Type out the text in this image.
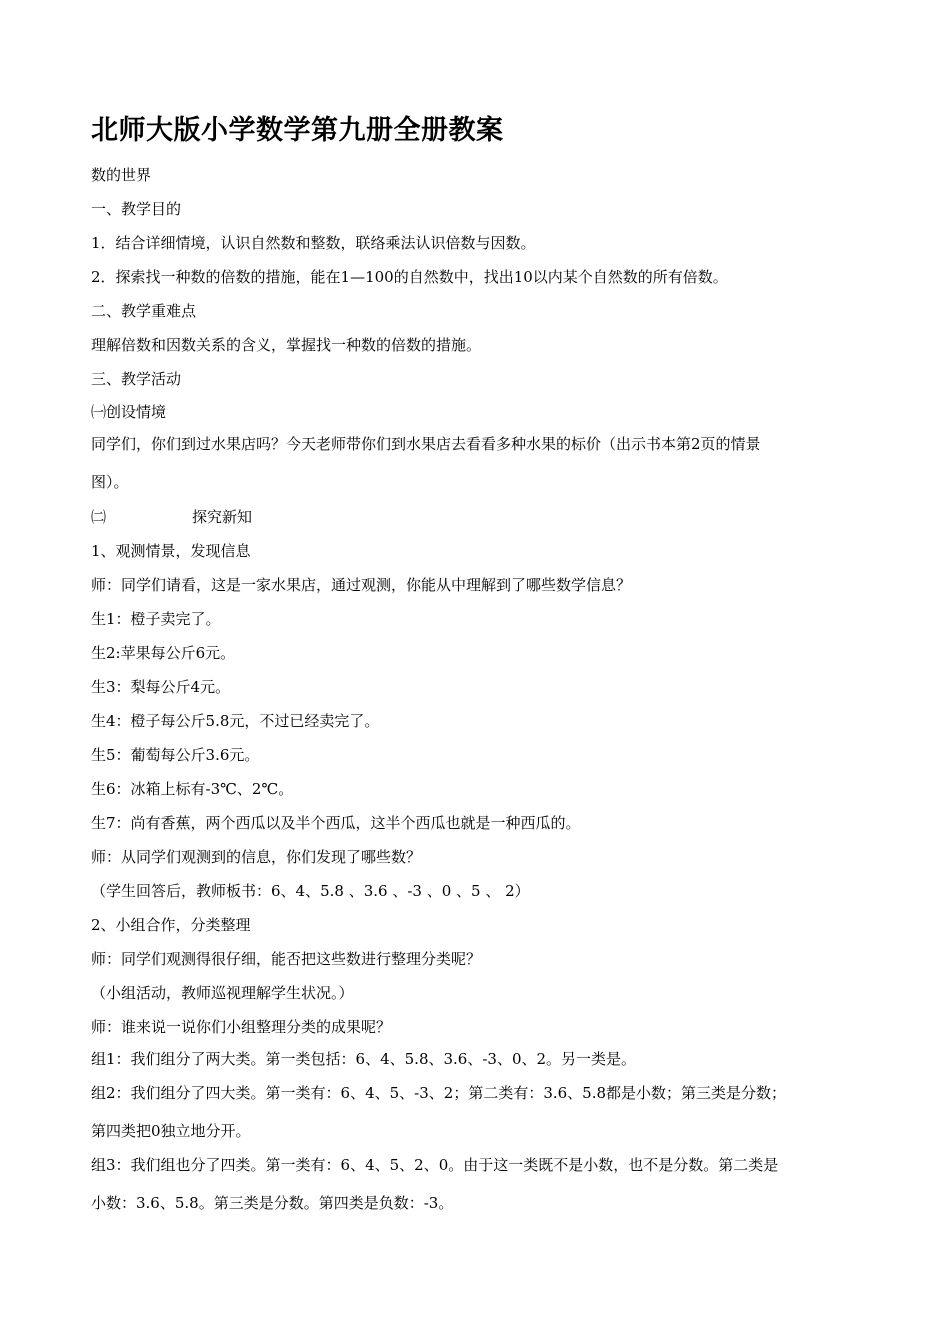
北师大版小学数学第九册全册教案
数的世界
一、教学目的
1．结合详细情境，认识自然数和整数，联络乘法认识倍数与因数。
2．探索找一种数的倍数的措施，能在1—100的自然数中，找出10以内某个自然数的所有倍数。
二、教学重难点
理解倍数和因数关系的含义，掌握找一种数的倍数的措施。
三、教学活动
㈠创设情境
同学们，你们到过水果店吗？今天老师带你们到水果店去看看多种水果的标价（出示书本第2页的情景
图）。
㈡	探究新知
1、观测情景，发现信息
师：同学们请看，这是一家水果店，通过观测，你能从中理解到了哪些数学信息？
生1：橙子卖完了。
生2:苹果每公斤6元。
生3：梨每公斤4元。
生4：橙子每公斤5.8元，不过已经卖完了。
生5：葡萄每公斤3.6元。
生6：冰箱上标有-3℃、2℃。
生7：尚有香蕉，两个西瓜以及半个西瓜，这半个西瓜也就是一种西瓜的。
师：从同学们观测到的信息，你们发现了哪些数？
（学生回答后，教师板书：6、4、5.8 、3.6 、-3 、0 、5 、 2）
2、小组合作，分类整理
师：同学们观测得很仔细，能否把这些数进行整理分类呢？
（小组活动，教师巡视理解学生状况。）
师：谁来说一说你们小组整理分类的成果呢？
组1：我们组分了两大类。第一类包括：6、4、5.8、3.6、-3、0、2。另一类是。
组2：我们组分了四大类。第一类有：6、4、5、-3、2；第二类有：3.6、5.8都是小数；第三类是分数；
第四类把0独立地分开。
组3：我们组也分了四类。第一类有：6、4、5、2、0。由于这一类既不是小数，也不是分数。第二类是
小数：3.6、5.8。第三类是分数。第四类是负数：-3。
